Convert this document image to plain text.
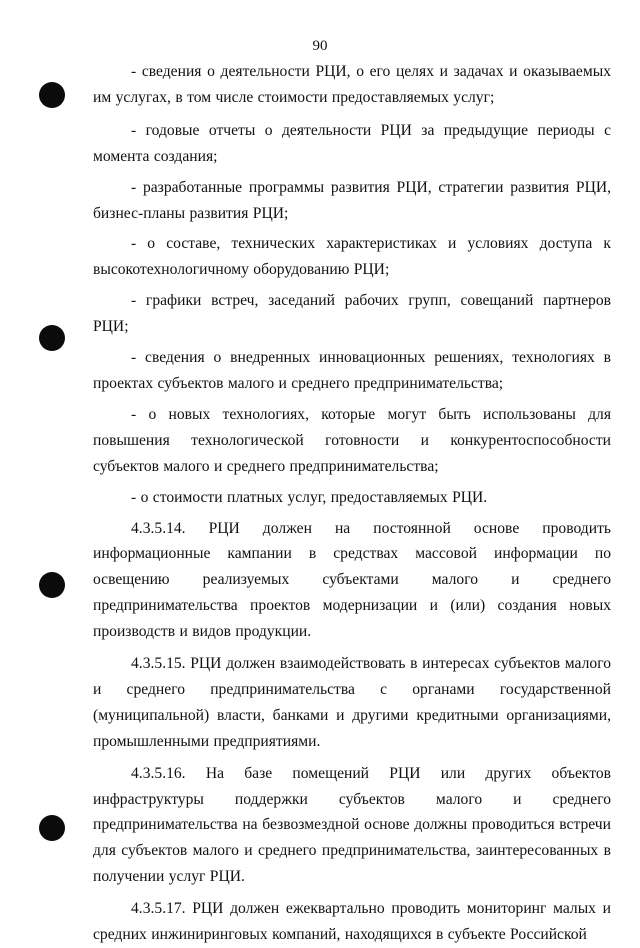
90

- сведения о деятельности РЦИ, о его целях и задачах и оказываемых им услугах, в том числе стоимости предоставляемых услуг;

- годовые отчеты о деятельности РЦИ за предыдущие периоды с момента создания;

- разработанные программы развития РЦИ, стратегии развития РЦИ, бизнес-планы развития РЦИ;

- о составе, технических характеристиках и условиях доступа к высокотехнологичному оборудованию РЦИ;

- графики встреч, заседаний рабочих групп, совещаний партнеров РЦИ;

- сведения о внедренных инновационных решениях, технологиях в проектах субъектов малого и среднего предпринимательства;

- о новых технологиях, которые могут быть использованы для повышения технологической готовности и конкурентоспособности субъектов малого и среднего предпринимательства;

- о стоимости платных услуг, предоставляемых РЦИ.

4.3.5.14. РЦИ должен на постоянной основе проводить информационные кампании в средствах массовой информации по освещению реализуемых субъектами малого и среднего предпринимательства проектов модернизации и (или) создания новых производств и видов продукции.

4.3.5.15. РЦИ должен взаимодействовать в интересах субъектов малого и среднего предпринимательства с органами государственной (муниципальной) власти, банками и другими кредитными организациями, промышленными предприятиями.

4.3.5.16. На базе помещений РЦИ или других объектов инфраструктуры поддержки субъектов малого и среднего предпринимательства на безвозмездной основе должны проводиться встречи для субъектов малого и среднего предпринимательства, заинтересованных в получении услуг РЦИ.

4.3.5.17. РЦИ должен ежеквартально проводить мониторинг малых и средних инжиниринговых компаний, находящихся в субъекте Российской
